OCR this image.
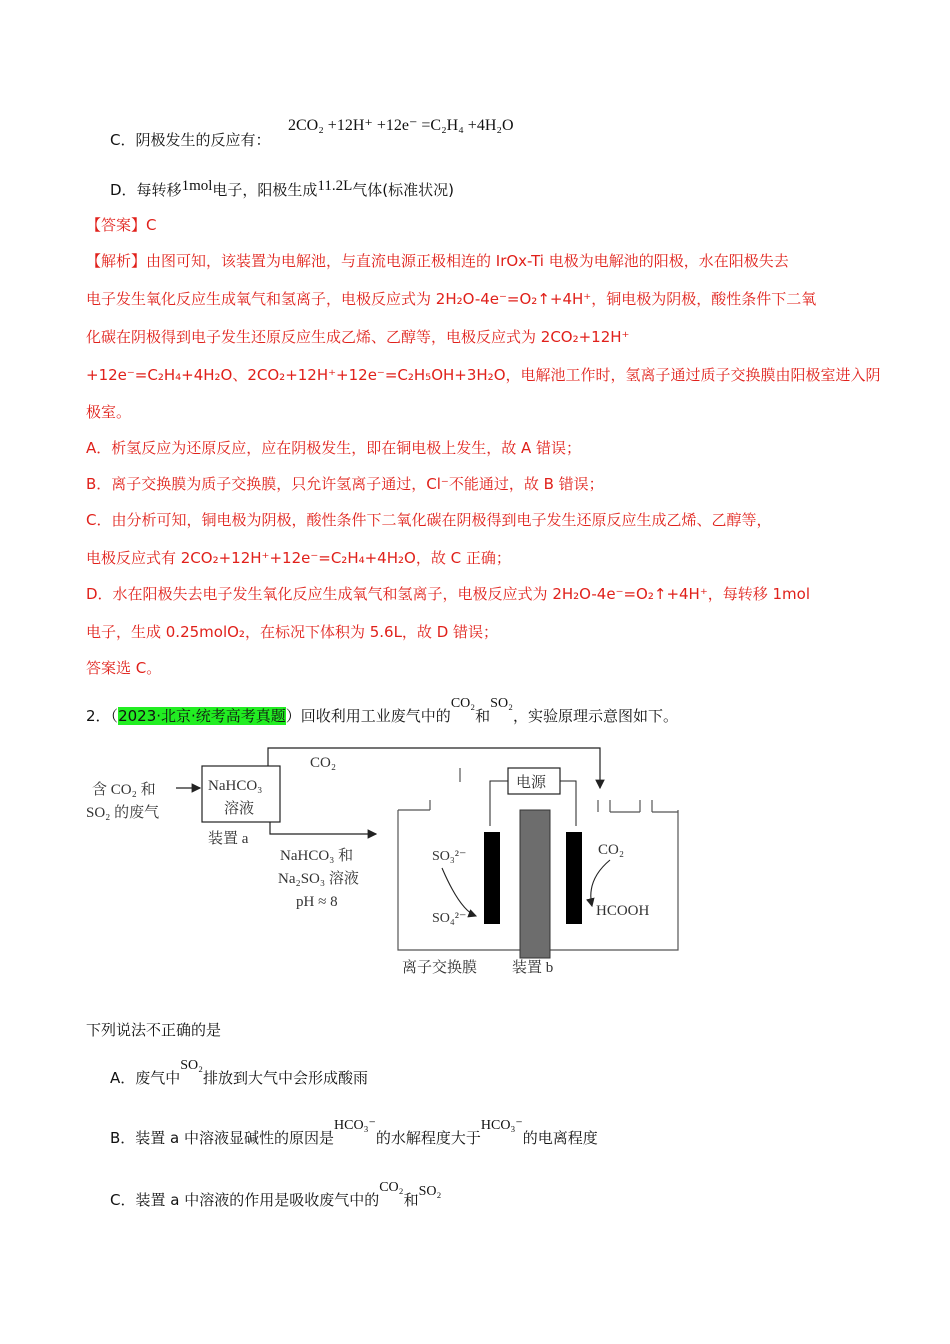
C．阴极发生的反应有：
2CO₂ +12H⁺ +12e⁻ =C₂H₄ +4H₂O
D．每转移1mol电子，阳极生成11.2L气体(标准状况)
【答案】C
【解析】由图可知，该装置为电解池，与直流电源正极相连的 IrOx-Ti 电极为电解池的阳极，水在阳极失去
电子发生氧化反应生成氧气和氢离子，电极反应式为 2H₂O-4e⁻=O₂↑+4H⁺，铜电极为阴极，酸性条件下二氧
化碳在阴极得到电子发生还原反应生成乙烯、乙醇等，电极反应式为 2CO₂+12H⁺
+12e⁻=C₂H₄+4H₂O、2CO₂+12H⁺+12e⁻=C₂H₅OH+3H₂O，电解池工作时，氢离子通过质子交换膜由阳极室进入阴
极室。
A．析氢反应为还原反应，应在阴极发生，即在铜电极上发生，故 A 错误；
B．离子交换膜为质子交换膜，只允许氢离子通过，Cl⁻不能通过，故 B 错误；
C．由分析可知，铜电极为阴极，酸性条件下二氧化碳在阴极得到电子发生还原反应生成乙烯、乙醇等，
电极反应式有 2CO₂+12H⁺+12e⁻=C₂H₄+4H₂O，故 C 正确；
D．水在阳极失去电子发生氧化反应生成氧气和氢离子，电极反应式为 2H₂O-4e⁻=O₂↑+4H⁺，每转移 1mol
电子，生成 0.25molO₂，在标况下体积为 5.6L，故 D 错误；
答案选 C。
2．（2023·北京·统考高考真题）回收利用工业废气中的CO₂和SO₂，实验原理示意图如下。
含 CO₂ 和
SO₂ 的废气
NaHCO₃
溶液
装置 a
CO₂
NaHCO₃ 和
Na₂SO₃ 溶液
pH ≈ 8
电源
SO₃²⁻
SO₄²⁻
CO₂
HCOOH
离子交换膜 装置 b
下列说法不正确的是
A．废气中SO₂排放到大气中会形成酸雨
B．装置 a 中溶液显碱性的原因是HCO₃⁻的水解程度大于HCO₃⁻的电离程度
C．装置 a 中溶液的作用是吸收废气中的CO₂和SO₂
